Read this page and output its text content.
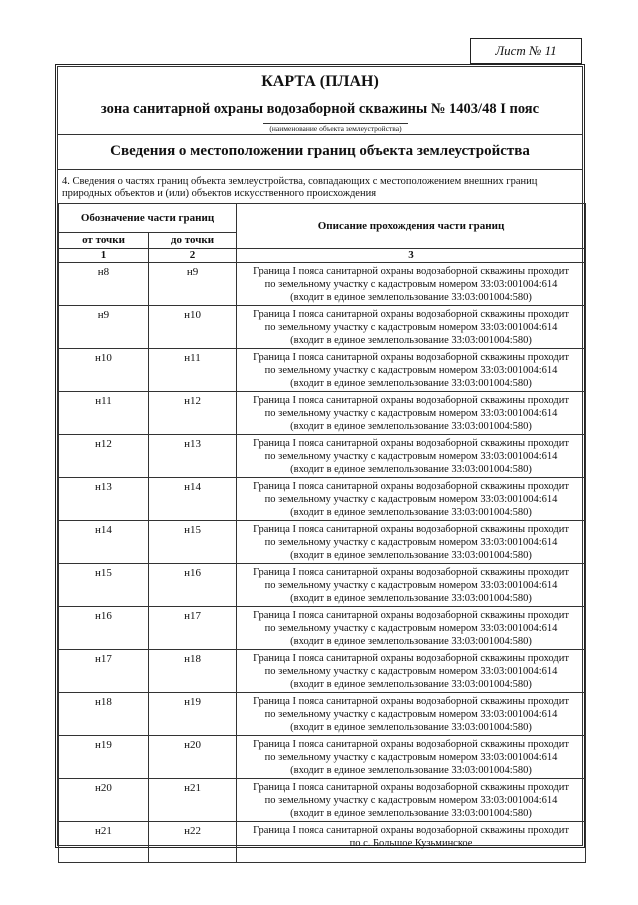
Лист № 11
КАРТА (ПЛАН)
зона санитарной охраны водозаборной скважины № 1403/48 I пояс
(наименование объекта землеустройства)
Сведения о местоположении границ объекта землеустройства
4. Сведения о частях границ объекта землеустройства, совпадающих с местоположением внешних границ природных объектов и (или) объектов искусственного происхождения
Обозначение части границ		Описание прохождения части границ
от точки	до точки	
1	2	3
н8	н9	Граница I пояса санитарной охраны водозаборной скважины проходит
по земельному участку с кадастровым номером 33:03:001004:614
(входит в единое землепользование 33:03:001004:580)

н9	н10	Граница I пояса санитарной охраны водозаборной скважины проходит
по земельному участку с кадастровым номером 33:03:001004:614
(входит в единое землепользование 33:03:001004:580)

н10	н11	Граница I пояса санитарной охраны водозаборной скважины проходит
по земельному участку с кадастровым номером 33:03:001004:614
(входит в единое землепользование 33:03:001004:580)

н11	н12	Граница I пояса санитарной охраны водозаборной скважины проходит
по земельному участку с кадастровым номером 33:03:001004:614
(входит в единое землепользование 33:03:001004:580)

н12	н13	Граница I пояса санитарной охраны водозаборной скважины проходит
по земельному участку с кадастровым номером 33:03:001004:614
(входит в единое землепользование 33:03:001004:580)

н13	н14	Граница I пояса санитарной охраны водозаборной скважины проходит
по земельному участку с кадастровым номером 33:03:001004:614
(входит в единое землепользование 33:03:001004:580)

н14	н15	Граница I пояса санитарной охраны водозаборной скважины проходит
по земельному участку с кадастровым номером 33:03:001004:614
(входит в единое землепользование 33:03:001004:580)

н15	н16	Граница I пояса санитарной охраны водозаборной скважины проходит
по земельному участку с кадастровым номером 33:03:001004:614
(входит в единое землепользование 33:03:001004:580)

н16	н17	Граница I пояса санитарной охраны водозаборной скважины проходит
по земельному участку с кадастровым номером 33:03:001004:614
(входит в единое землепользование 33:03:001004:580)

н17	н18	Граница I пояса санитарной охраны водозаборной скважины проходит
по земельному участку с кадастровым номером 33:03:001004:614
(входит в единое землепользование 33:03:001004:580)

н18	н19	Граница I пояса санитарной охраны водозаборной скважины проходит
по земельному участку с кадастровым номером 33:03:001004:614
(входит в единое землепользование 33:03:001004:580)

н19	н20	Граница I пояса санитарной охраны водозаборной скважины проходит
по земельному участку с кадастровым номером 33:03:001004:614
(входит в единое землепользование 33:03:001004:580)

н20	н21	Граница I пояса санитарной охраны водозаборной скважины проходит
по земельному участку с кадастровым номером 33:03:001004:614
(входит в единое землепользование 33:03:001004:580)

н21	н22	Граница I пояса санитарной охраны водозаборной скважины проходит
по с. Большое Кузьминское
